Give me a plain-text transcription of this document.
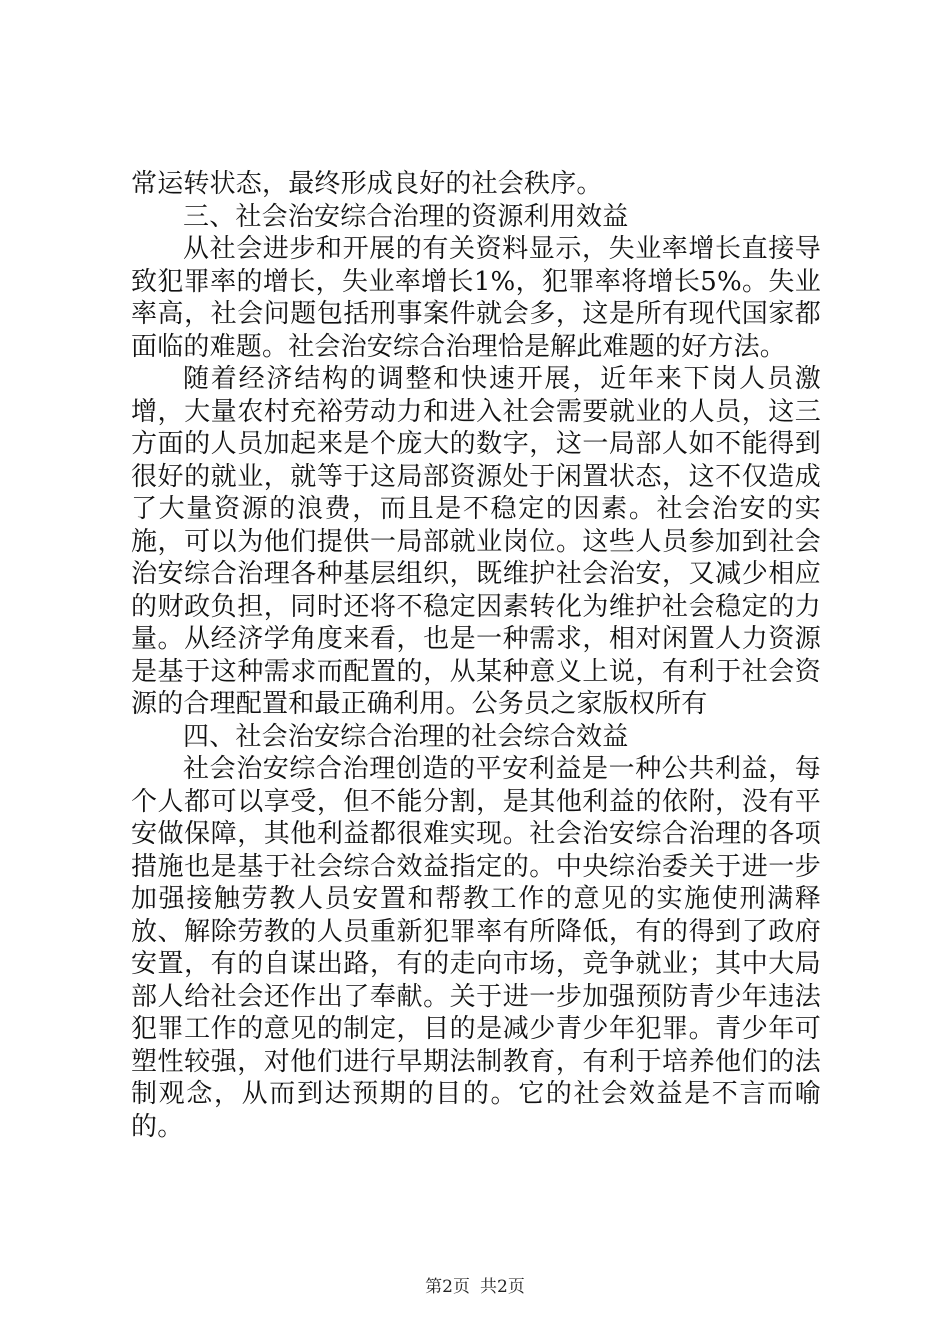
常运转状态，最终形成良好的社会秩序。

三、社会治安综合治理的资源利用效益

从社会进步和开展的有关资料显示，失业率增长直接导致犯罪率的增长，失业率增长1%，犯罪率将增长5%。失业率高，社会问题包括刑事案件就会多，这是所有现代国家都面临的难题。社会治安综合治理恰是解此难题的好方法。

随着经济结构的调整和快速开展，近年来下岗人员激增，大量农村充裕劳动力和进入社会需要就业的人员，这三方面的人员加起来是个庞大的数字，这一局部人如不能得到很好的就业，就等于这局部资源处于闲置状态，这不仅造成了大量资源的浪费，而且是不稳定的因素。社会治安的实施，可以为他们提供一局部就业岗位。这些人员参加到社会治安综合治理各种基层组织，既维护社会治安，又减少相应的财政负担，同时还将不稳定因素转化为维护社会稳定的力量。从经济学角度来看，也是一种需求，相对闲置人力资源是基于这种需求而配置的，从某种意义上说，有利于社会资源的合理配置和最正确利用。公务员之家版权所有

四、社会治安综合治理的社会综合效益

社会治安综合治理创造的平安利益是一种公共利益，每个人都可以享受，但不能分割，是其他利益的依附，没有平安做保障，其他利益都很难实现。社会治安综合治理的各项措施也是基于社会综合效益指定的。中央综治委关于进一步加强接触劳教人员安置和帮教工作的意见的实施使刑满释放、解除劳教的人员重新犯罪率有所降低，有的得到了政府安置，有的自谋出路，有的走向市场，竞争就业；其中大局部人给社会还作出了奉献。关于进一步加强预防青少年违法犯罪工作的意见的制定，目的是减少青少年犯罪。青少年可塑性较强，对他们进行早期法制教育，有利于培养他们的法制观念，从而到达预期的目的。它的社会效益是不言而喻的。

第2页 共2页
